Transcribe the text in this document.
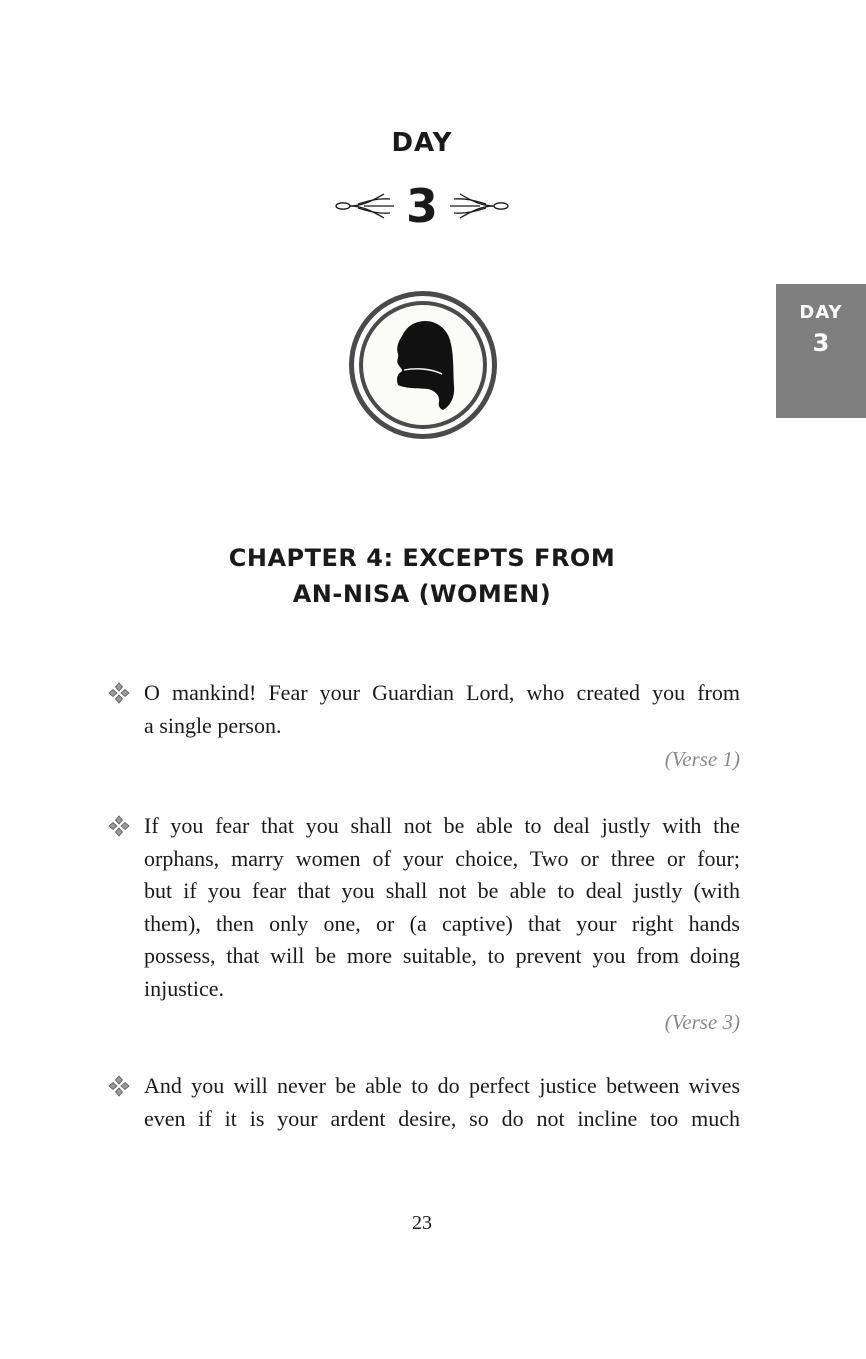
DAY
3
DAY
3
CHAPTER 4: EXCEPTS FROM
AN-NISA (WOMEN)
O mankind! Fear your Guardian Lord, who created you from
a single person.
(Verse 1)
If you fear that you shall not be able to deal justly with the
orphans, marry women of your choice, Two or three or four;
but if you fear that you shall not be able to deal justly (with
them), then only one, or (a captive) that your right hands
possess, that will be more suitable, to prevent you from doing
injustice.
(Verse 3)
And you will never be able to do perfect justice between wives
even if it is your ardent desire, so do not incline too much
23
